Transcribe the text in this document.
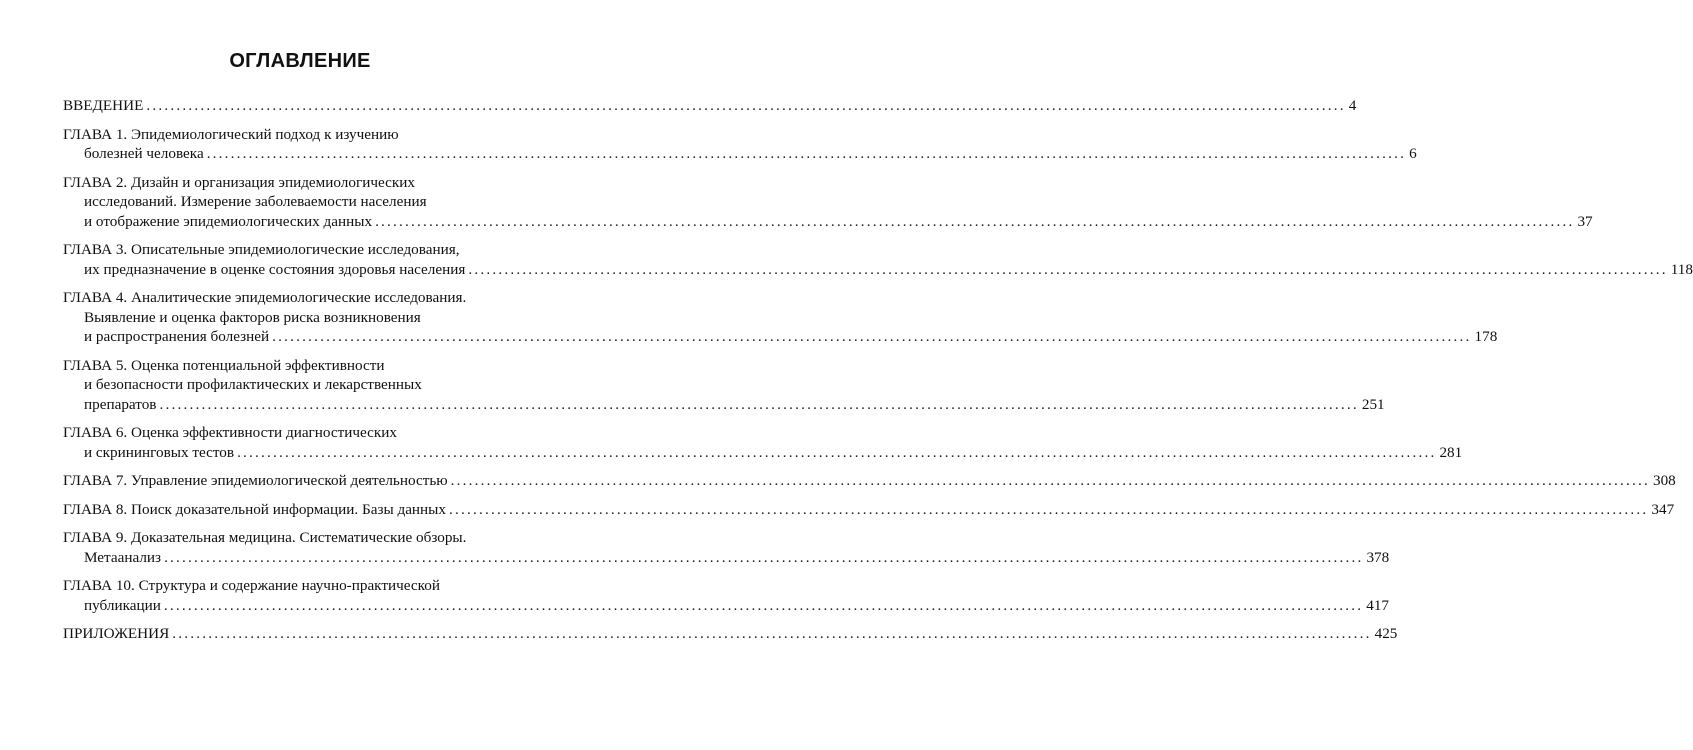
ОГЛАВЛЕНИЕ
ВВЕДЕНИЕ ........................................................................................................................................................................................................ 4
ГЛАВА 1. Эпидемиологический подход к изучению
болезней человека ........................................................................................................................................................................................................ 6
ГЛАВА 2. Дизайн и организация эпидемиологических
исследований. Измерение заболеваемости населения
и отображение эпидемиологических данных ........................................................................................................................................................................................................ 37
ГЛАВА 3. Описательные эпидемиологические исследования,
их предназначение в оценке состояния здоровья населения ........................................................................................................................................................................................................ 118
ГЛАВА 4. Аналитические эпидемиологические исследования.
Выявление и оценка факторов риска возникновения
и распространения болезней ........................................................................................................................................................................................................ 178
ГЛАВА 5. Оценка потенциальной эффективности
и безопасности профилактических и лекарственных
препаратов ........................................................................................................................................................................................................ 251
ГЛАВА 6. Оценка эффективности диагностических
и скрининговых тестов ........................................................................................................................................................................................................ 281
ГЛАВА 7. Управление эпидемиологической деятельностью ........................................................................................................................................................................................................ 308
ГЛАВА 8. Поиск доказательной информации. Базы данных ........................................................................................................................................................................................................ 347
ГЛАВА 9. Доказательная медицина. Систематические обзоры.
Метаанализ ........................................................................................................................................................................................................ 378
ГЛАВА 10. Структура и содержание научно-практической
публикации ........................................................................................................................................................................................................ 417
ПРИЛОЖЕНИЯ ........................................................................................................................................................................................................ 425
